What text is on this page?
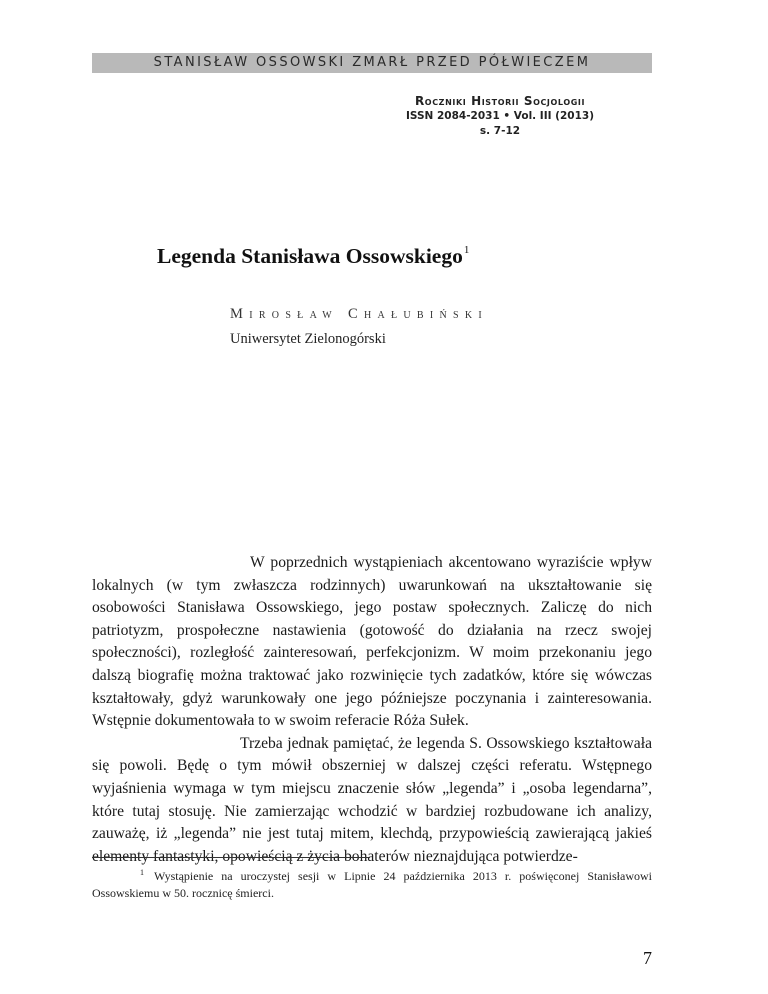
STANISŁAW OSSOWSKI ZMARŁ PRZED PÓŁWIECZEM
Roczniki Historii Socjologii
ISSN 2084-2031 • Vol. III (2013)
s. 7-12
Legenda Stanisława Ossowskiego$^1$
Mirosław Chałubiński
Uniwersytet Zielonogórski

W poprzednich wystąpieniach akcentowano wyraziście wpływ lokalnych (w tym zwłaszcza rodzinnych) uwarunkowań na ukształtowanie się osobowości Stanisława Ossowskiego, jego postaw społecznych. Zaliczę do nich patriotyzm, prospołeczne nastawienia (gotowość do działania na rzecz swojej społeczności), rozległość zainteresowań, perfekcjonizm. W moim przekonaniu jego dalszą biografię można traktować jako rozwinięcie tych zadatków, które się wówczas kształtowały, gdyż warunkowały one jego późniejsze poczynania i zainteresowania. Wstępnie dokumentowała to w swoim referacie Róża Sułek.

Trzeba jednak pamiętać, że legenda S. Ossowskiego kształtowała się powoli. Będę o tym mówił obszerniej w dalszej części referatu. Wstępnego wyjaśnienia wymaga w tym miejscu znaczenie słów „legenda” i „osoba legendarna”, które tutaj stosuję. Nie zamierzając wchodzić w bardziej rozbudowane ich analizy, zauważę, iż „legenda” nie jest tutaj mitem, klechdą, przypowieścią zawierającą jakieś elementy fantastyki, opowieścią z życia bohaterów nieznajdująca potwierdze-

$^1$ Wystąpienie na uroczystej sesji w Lipnie 24 października 2013 r. poświęconej Stanisławowi Ossowskiemu w 50. rocznicę śmierci.
7
